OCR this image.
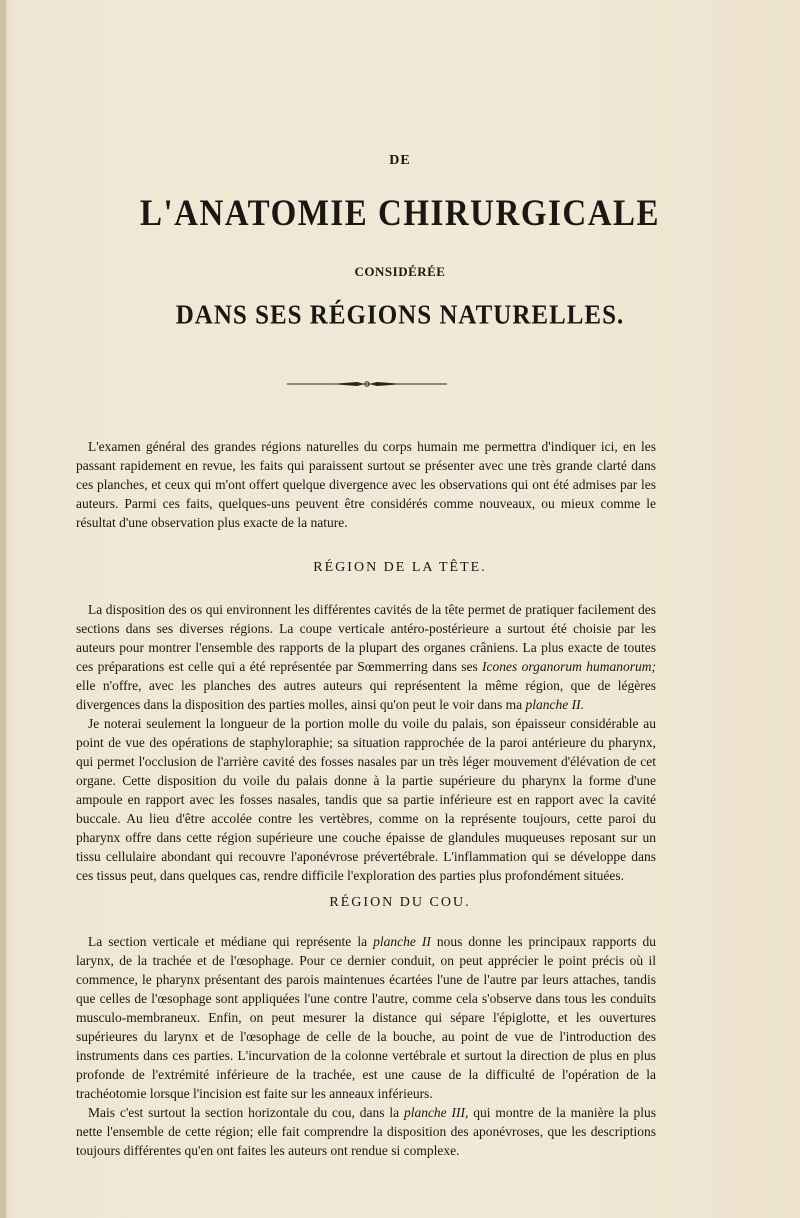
DE
L'ANATOMIE CHIRURGICALE
CONSIDÉRÉE
DANS SES RÉGIONS NATURELLES.

L'examen général des grandes régions naturelles du corps humain me permettra d'indiquer ici, en les passant rapidement en revue, les faits qui paraissent surtout se présenter avec une très grande clarté dans ces planches, et ceux qui m'ont offert quelque divergence avec les observations qui ont été admises par les auteurs. Parmi ces faits, quelques-uns peuvent être considérés comme nouveaux, ou mieux comme le résultat d'une observation plus exacte de la nature.

RÉGION DE LA TÊTE.

La disposition des os qui environnent les différentes cavités de la tête permet de pratiquer facilement des sections dans ses diverses régions. La coupe verticale antéro-postérieure a surtout été choisie par les auteurs pour montrer l'ensemble des rapports de la plupart des organes crâniens. La plus exacte de toutes ces préparations est celle qui a été représentée par Sœmmerring dans ses Icones organorum humanorum; elle n'offre, avec les planches des autres auteurs qui représentent la même région, que de légères divergences dans la disposition des parties molles, ainsi qu'on peut le voir dans ma planche II.

Je noterai seulement la longueur de la portion molle du voile du palais, son épaisseur considérable au point de vue des opérations de staphyloraphie; sa situation rapprochée de la paroi antérieure du pharynx, qui permet l'occlusion de l'arrière cavité des fosses nasales par un très léger mouvement d'élévation de cet organe. Cette disposition du voile du palais donne à la partie supérieure du pharynx la forme d'une ampoule en rapport avec les fosses nasales, tandis que sa partie inférieure est en rapport avec la cavité buccale. Au lieu d'être accolée contre les vertèbres, comme on la représente toujours, cette paroi du pharynx offre dans cette région supérieure une couche épaisse de glandules muqueuses reposant sur un tissu cellulaire abondant qui recouvre l'aponévrose prévertébrale. L'inflammation qui se développe dans ces tissus peut, dans quelques cas, rendre difficile l'exploration des parties plus profondément situées.

RÉGION DU COU.

La section verticale et médiane qui représente la planche II nous donne les principaux rapports du larynx, de la trachée et de l'œsophage. Pour ce dernier conduit, on peut apprécier le point précis où il commence, le pharynx présentant des parois maintenues écartées l'une de l'autre par leurs attaches, tandis que celles de l'œsophage sont appliquées l'une contre l'autre, comme cela s'observe dans tous les conduits musculo-membraneux. Enfin, on peut mesurer la distance qui sépare l'épiglotte, et les ouvertures supérieures du larynx et de l'œsophage de celle de la bouche, au point de vue de l'introduction des instruments dans ces parties. L'incurvation de la colonne vertébrale et surtout la direction de plus en plus profonde de l'extrémité inférieure de la trachée, est une cause de la difficulté de l'opération de la trachéotomie lorsque l'incision est faite sur les anneaux inférieurs.

Mais c'est surtout la section horizontale du cou, dans la planche III, qui montre de la manière la plus nette l'ensemble de cette région; elle fait comprendre la disposition des aponévroses, que les descriptions toujours différentes qu'en ont faites les auteurs ont rendue si complexe.
